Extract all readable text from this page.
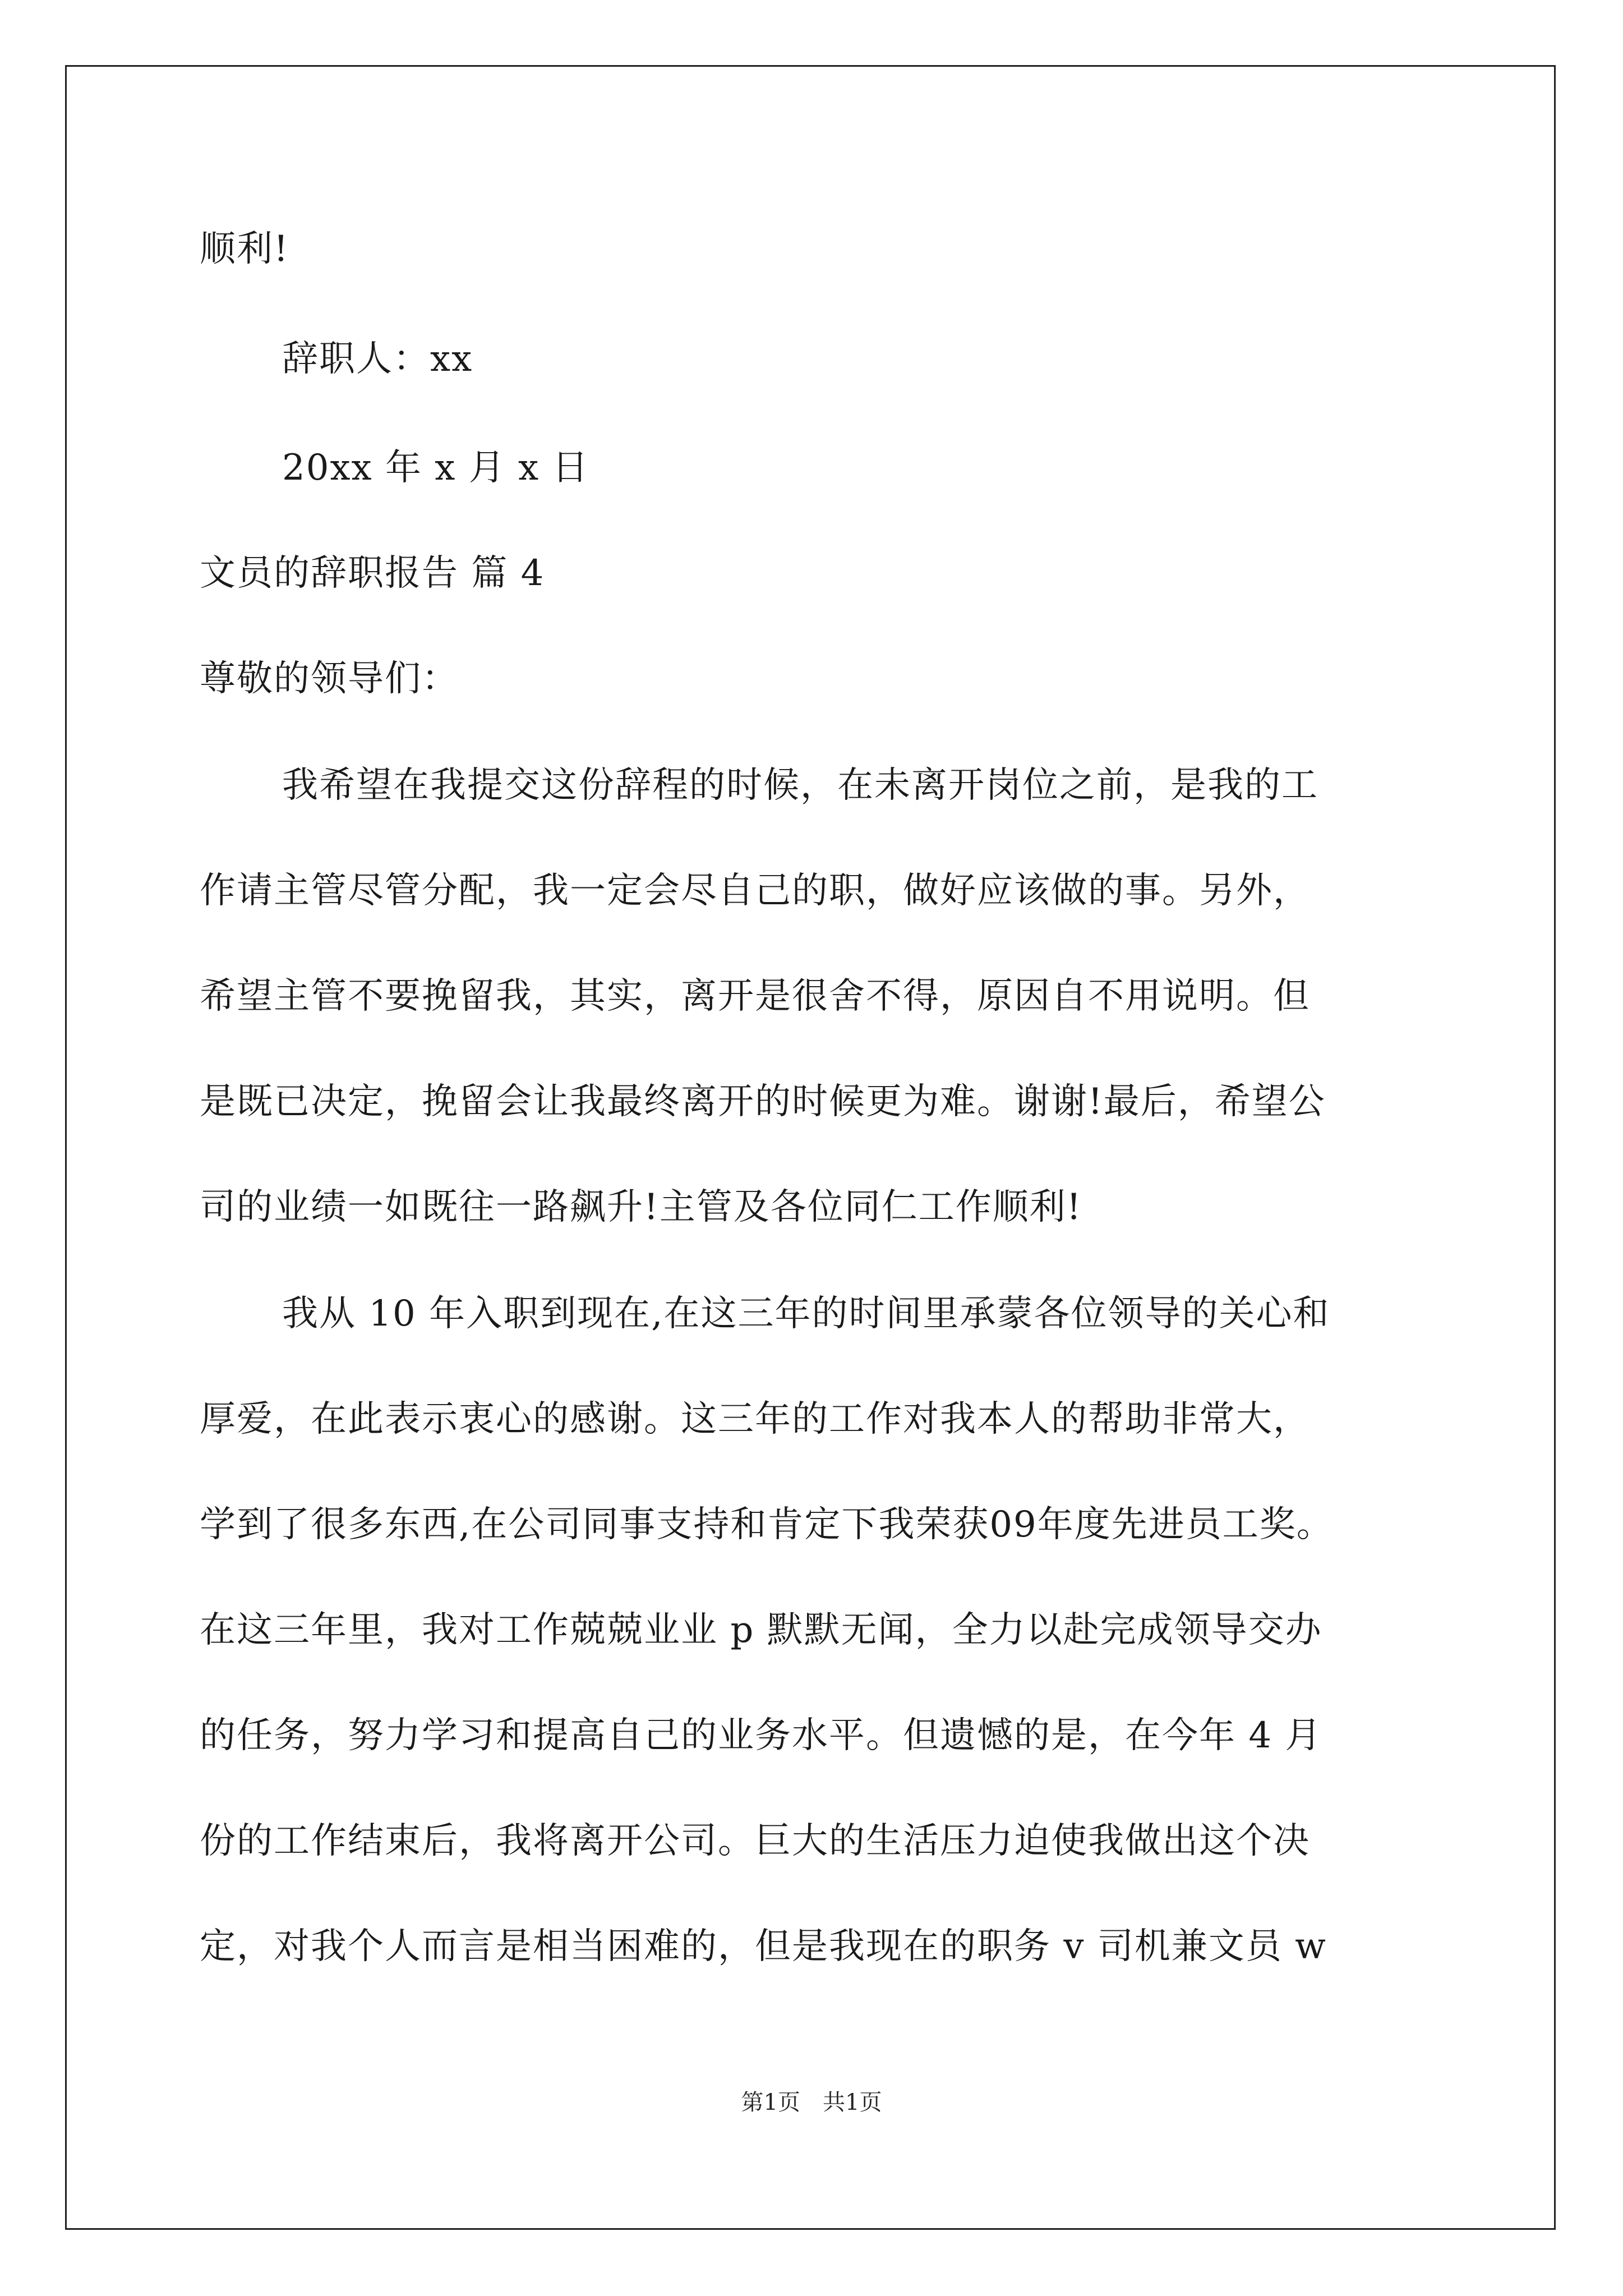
顺利!
辞职人：xx
20xx 年 x 月 x 日
文员的辞职报告 篇 4
尊敬的领导们：
我希望在我提交这份辞程的时候，在未离开岗位之前，是我的工
作请主管尽管分配，我一定会尽自己的职，做好应该做的事。另外，
希望主管不要挽留我，其实，离开是很舍不得，原因自不用说明。但
是既已决定，挽留会让我最终离开的时候更为难。谢谢!最后，希望公
司的业绩一如既往一路飙升!主管及各位同仁工作顺利!
我从 10 年入职到现在,在这三年的时间里承蒙各位领导的关心和
厚爱，在此表示衷心的感谢。这三年的工作对我本人的帮助非常大，
学到了很多东西,在公司同事支持和肯定下我荣获09年度先进员工奖。
在这三年里，我对工作兢兢业业 p 默默无闻，全力以赴完成领导交办
的任务，努力学习和提高自己的业务水平。但遗憾的是，在今年 4 月
份的工作结束后，我将离开公司。巨大的生活压力迫使我做出这个决
定，对我个人而言是相当困难的，但是我现在的职务 v 司机兼文员 w
第1页　共1页
